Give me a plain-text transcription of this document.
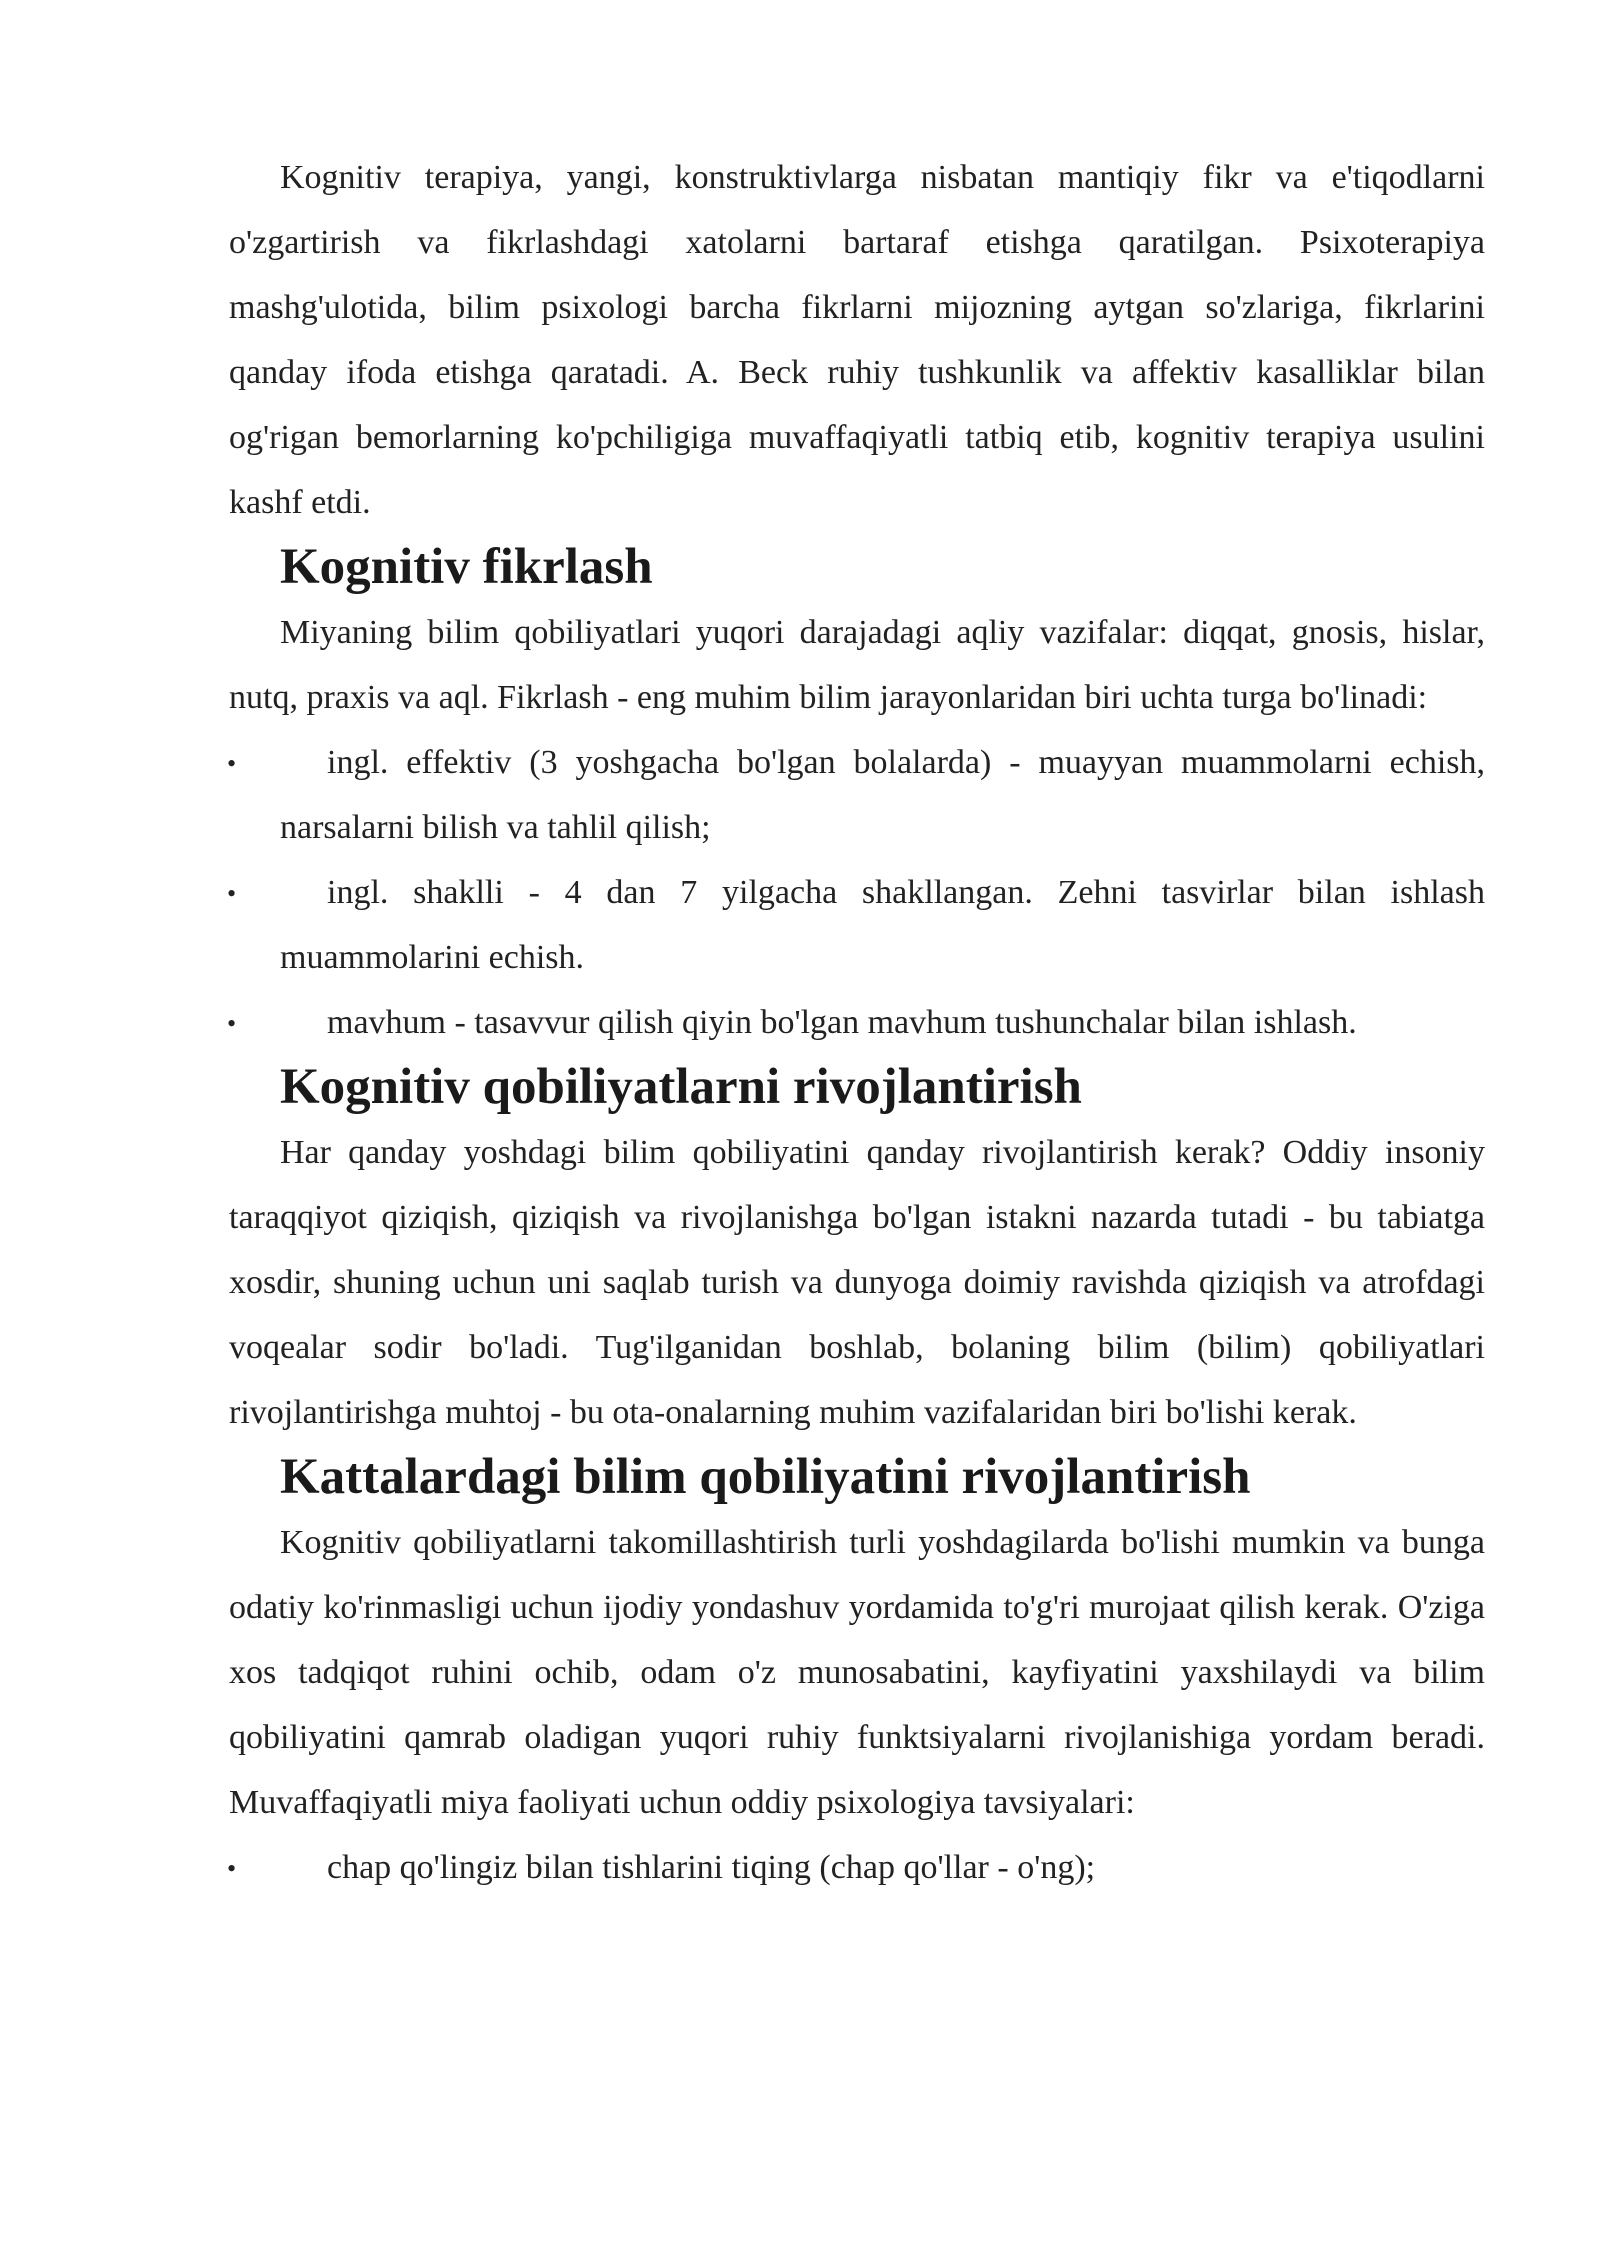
Kognitiv terapiya, yangi, konstruktivlarga nisbatan mantiqiy fikr va e'tiqodlarni o'zgartirish va fikrlashdagi xatolarni bartaraf etishga qaratilgan. Psixoterapiya mashg'ulotida, bilim psixologi barcha fikrlarni mijozning aytgan so'zlariga, fikrlarini qanday ifoda etishga qaratadi. A. Beck ruhiy tushkunlik va affektiv kasalliklar bilan og'rigan bemorlarning ko'pchiligiga muvaffaqiyatli tatbiq etib, kognitiv terapiya usulini kashf etdi.

Kognitiv fikrlash

Miyaning bilim qobiliyatlari yuqori darajadagi aqliy vazifalar: diqqat, gnosis, hislar, nutq, praxis va aql. Fikrlash - eng muhim bilim jarayonlaridan biri uchta turga bo'linadi:

•	ingl. effektiv (3 yoshgacha bo'lgan bolalarda) - muayyan muammolarni echish, narsalarni bilish va tahlil qilish;
•	ingl. shaklli - 4 dan 7 yilgacha shakllangan. Zehni tasvirlar bilan ishlash muammolarini echish.
•	mavhum - tasavvur qilish qiyin bo'lgan mavhum tushunchalar bilan ishlash.
Kognitiv qobiliyatlarni rivojlantirish

Har qanday yoshdagi bilim qobiliyatini qanday rivojlantirish kerak? Oddiy insoniy taraqqiyot qiziqish, qiziqish va rivojlanishga bo'lgan istakni nazarda tutadi - bu tabiatga xosdir, shuning uchun uni saqlab turish va dunyoga doimiy ravishda qiziqish va atrofdagi voqealar sodir bo'ladi. Tug'ilganidan boshlab, bolaning bilim (bilim) qobiliyatlari rivojlantirishga muhtoj - bu ota-onalarning muhim vazifalaridan biri bo'lishi kerak.

Kattalardagi bilim qobiliyatini rivojlantirish

Kognitiv qobiliyatlarni takomillashtirish turli yoshdagilarda bo'lishi mumkin va bunga odatiy ko'rinmasligi uchun ijodiy yondashuv yordamida to'g'ri murojaat qilish kerak. O'ziga xos tadqiqot ruhini ochib, odam o'z munosabatini, kayfiyatini yaxshilaydi va bilim qobiliyatini qamrab oladigan yuqori ruhiy funktsiyalarni rivojlanishiga yordam beradi. Muvaffaqiyatli miya faoliyati uchun oddiy psixologiya tavsiyalari:

•	chap qo'lingiz bilan tishlarini tiqing (chap qo'llar - o'ng);
